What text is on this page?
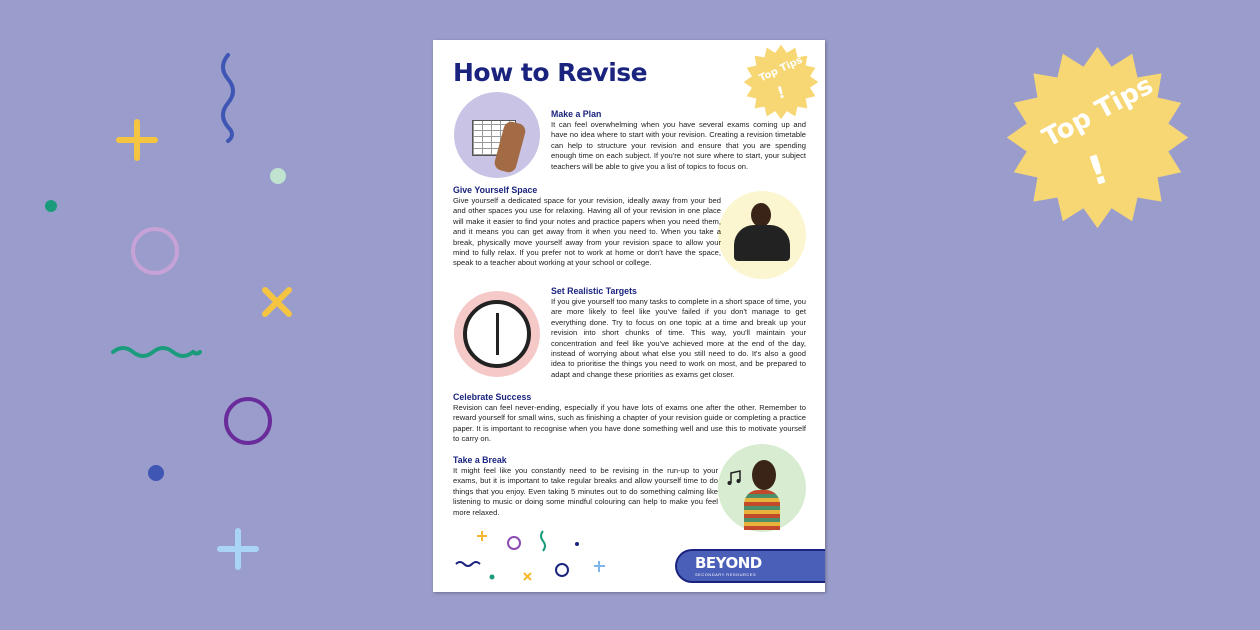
Top Tips
!
How to Revise	Top Tips
!
Make a Plan

It can feel overwhelming when you have several exams coming up and have no idea where to start with your revision. Creating a revision timetable can help to structure your revision and ensure that you are spending enough time on each subject. If you're not sure where to start, your subject teachers will be able to give you a list of topics to focus on.

Give Yourself Space

Give yourself a dedicated space for your revision, ideally away from your bed and other spaces you use for relaxing. Having all of your revision in one place will make it easier to find your notes and practice papers when you need them, and it means you can get away from it when you need to. When you take a break, physically move yourself away from your revision space to allow your mind to fully relax. If you prefer not to work at home or don't have the space, speak to a teacher about working at your school or college.

Set Realistic Targets

If you give yourself too many tasks to complete in a short space of time, you are more likely to feel like you've failed if you don't manage to get everything done. Try to focus on one topic at a time and break up your revision into short chunks of time. This way, you'll maintain your concentration and feel like you've achieved more at the end of the day, instead of worrying about what else you still need to do. It's also a good idea to prioritise the things you need to work on most, and be prepared to adapt and change these priorities as exams get closer.

Celebrate Success

Revision can feel never-ending, especially if you have lots of exams one after the other. Remember to reward yourself for small wins, such as finishing a chapter of your revision guide or completing a practice paper. It is important to recognise when you have done something well and use this to motivate yourself to carry on.

Take a Break

It might feel like you constantly need to be revising in the run-up to your exams, but it is important to take regular breaks and allow yourself time to do things that you enjoy. Even taking 5 minutes out to do something calming like listening to music or doing some mindful colouring can help to make you feel more relaxed.

BEYOND
SECONDARY RESOURCES
